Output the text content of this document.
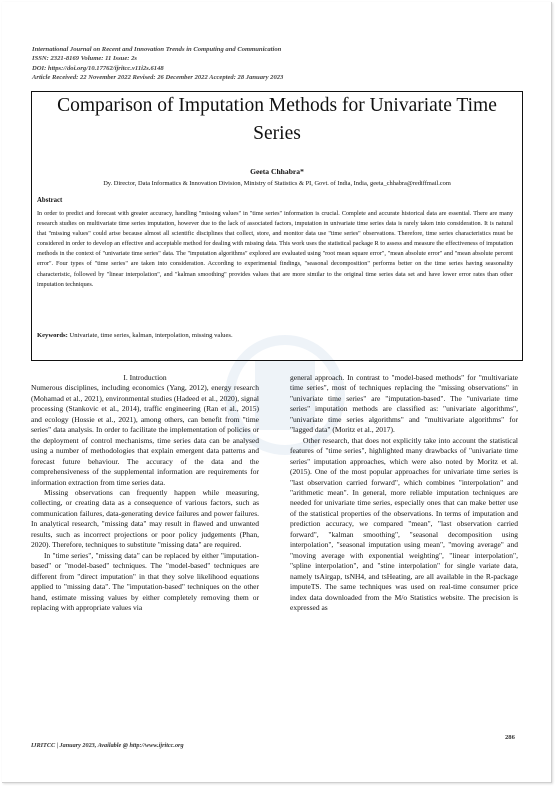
International Journal on Recent and Innovation Trends in Computing and Communication
ISSN: 2321-8169 Volume: 11 Issue: 2s
DOI: https://doi.org/10.17762/ijritcc.v11i2s.6148
Article Received: 22 November 2022 Revised: 26 December 2022 Accepted: 28 January 2023
Comparison of Imputation Methods for Univariate Time Series
Geeta Chhabra*
Dy. Director, Data Informatics & Innovation Division, Ministry of Statistics & PI, Govt. of India, India, geeta_chhabra@rediffmail.com
Abstract
In order to predict and forecast with greater accuracy, handling "missing values" in "time series" information is crucial. Complete and accurate historical data are essential. There are many research studies on multivariate time series imputation, however due to the lack of associated factors, imputation in univariate time series data is rarely taken into consideration. It is natural that "missing values" could arise because almost all scientific disciplines that collect, store, and monitor data use "time series" observations. Therefore, time series characteristics must be considered in order to develop an effective and acceptable method for dealing with missing data. This work uses the statistical package R to assess and measure the effectiveness of imputation methods in the context of "univariate time series" data. The "imputation algorithms" explored are evaluated using "root mean square error", "mean absolute error" and "mean absolute percent error". Four types of "time series" are taken into consideration. According to experimental findings, "seasonal decomposition" performs better on the time series having seasonality characteristic, followed by "linear interpolation", and "kalman smoothing" provides values that are more similar to the original time series data set and have lower error rates than other imputation techniques.
Keywords: Univariate, time series, kalman, interpolation, missing values.
I. Introduction

Numerous disciplines, including economics (Yang, 2012), energy research (Mohamad et al., 2021), environmental studies (Hadeed et al., 2020), signal processing (Stankovic et al., 2014), traffic engineering (Ran et al., 2015) and ecology (Hossie et al., 2021), among others, can benefit from "time series" data analysis. In order to facilitate the implementation of policies or the deployment of control mechanisms, time series data can be analysed using a number of methodologies that explain emergent data patterns and forecast future behaviour. The accuracy of the data and the comprehensiveness of the supplemental information are requirements for information extraction from time series data.

Missing observations can frequently happen while measuring, collecting, or creating data as a consequence of various factors, such as communication failures, data-generating device failures and power failures. In analytical research, "missing data" may result in flawed and unwanted results, such as incorrect projections or poor policy judgements (Phan, 2020). Therefore, techniques to substitute "missing data" are required.

In "time series", "missing data" can be replaced by either "imputation-based" or "model-based" techniques. The "model-based" techniques are different from "direct imputation" in that they solve likelihood equations applied to "missing data". The "imputation-based" techniques on the other hand, estimate missing values by either completely removing them or replacing with appropriate values via

general approach. In contrast to "model-based methods" for "multivariate time series", most of techniques replacing the "missing observations" in "univariate time series" are "imputation-based". The "univariate time series" imputation methods are classified as: "univariate algorithms", "univariate time series algorithms" and "multivariate algorithms" for "lagged data" (Moritz et al., 2017).

Other research, that does not explicitly take into account the statistical features of "time series", highlighted many drawbacks of "univariate time series" imputation approaches, which were also noted by Moritz et al. (2015). One of the most popular approaches for univariate time series is "last observation carried forward", which combines "interpolation" and "arithmetic mean". In general, more reliable imputation techniques are needed for univariate time series, especially ones that can make better use of the statistical properties of the observations. In terms of imputation and prediction accuracy, we compared "mean", "last observation carried forward", "kalman smoothing", "seasonal decomposition using interpolation", "seasonal imputation using mean", "moving average" and "moving average with exponential weighting", "linear interpolation", "spline interpolation", and "stine interpolation" for single variate data, namely tsAirgap, tsNH4, and tsHeating, are all available in the R-package imputeTS. The same techniques was used on real-time consumer price index data downloaded from the M/o Statistics website. The precision is expressed as

286
IJRITCC | January 2023, Available @ http://www.ijritcc.org
